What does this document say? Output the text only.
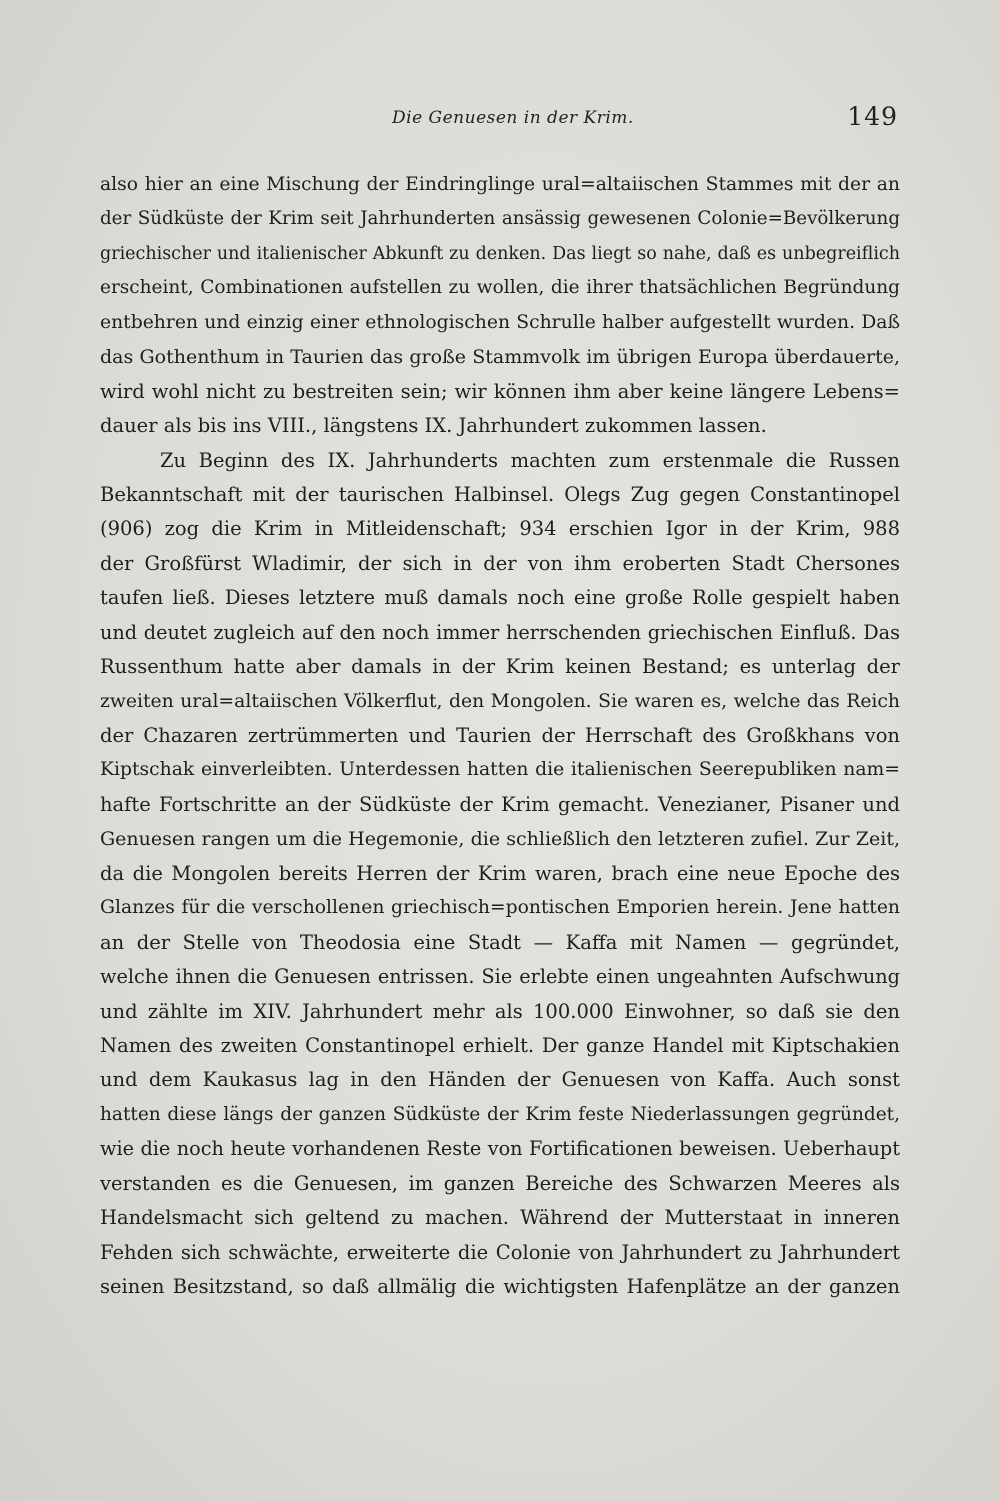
Die Genuesen in der Krim.	149
also hier an eine Mischung der Eindringlinge ural=altaiischen Stammes mit der an
der Südküste der Krim seit Jahrhunderten ansässig gewesenen Colonie=Bevölkerung
griechischer und italienischer Abkunft zu denken. Das liegt so nahe, daß es unbegreiflich
erscheint, Combinationen aufstellen zu wollen, die ihrer thatsächlichen Begründung
entbehren und einzig einer ethnologischen Schrulle halber aufgestellt wurden. Daß
das Gothenthum in Taurien das große Stammvolk im übrigen Europa überdauerte,
wird wohl nicht zu bestreiten sein; wir können ihm aber keine längere Lebens=
dauer als bis ins VIII., längstens IX. Jahrhundert zukommen lassen.
Zu Beginn des IX. Jahrhunderts machten zum erstenmale die Russen
Bekanntschaft mit der taurischen Halbinsel. Olegs Zug gegen Constantinopel
(906) zog die Krim in Mitleidenschaft; 934 erschien Igor in der Krim, 988
der Großfürst Wladimir, der sich in der von ihm eroberten Stadt Chersones
taufen ließ. Dieses letztere muß damals noch eine große Rolle gespielt haben
und deutet zugleich auf den noch immer herrschenden griechischen Einfluß. Das
Russenthum hatte aber damals in der Krim keinen Bestand; es unterlag der
zweiten ural=altaiischen Völkerflut, den Mongolen. Sie waren es, welche das Reich
der Chazaren zertrümmerten und Taurien der Herrschaft des Großkhans von
Kiptschak einverleibten. Unterdessen hatten die italienischen Seerepubliken nam=
hafte Fortschritte an der Südküste der Krim gemacht. Venezianer, Pisaner und
Genuesen rangen um die Hegemonie, die schließlich den letzteren zufiel. Zur Zeit,
da die Mongolen bereits Herren der Krim waren, brach eine neue Epoche des
Glanzes für die verschollenen griechisch=pontischen Emporien herein. Jene hatten
an der Stelle von Theodosia eine Stadt — Kaffa mit Namen — gegründet,
welche ihnen die Genuesen entrissen. Sie erlebte einen ungeahnten Aufschwung
und zählte im XIV. Jahrhundert mehr als 100.000 Einwohner, so daß sie den
Namen des zweiten Constantinopel erhielt. Der ganze Handel mit Kiptschakien
und dem Kaukasus lag in den Händen der Genuesen von Kaffa. Auch sonst
hatten diese längs der ganzen Südküste der Krim feste Niederlassungen gegründet,
wie die noch heute vorhandenen Reste von Fortificationen beweisen. Ueberhaupt
verstanden es die Genuesen, im ganzen Bereiche des Schwarzen Meeres als
Handelsmacht sich geltend zu machen. Während der Mutterstaat in inneren
Fehden sich schwächte, erweiterte die Colonie von Jahrhundert zu Jahrhundert
seinen Besitzstand, so daß allmälig die wichtigsten Hafenplätze an der ganzen
